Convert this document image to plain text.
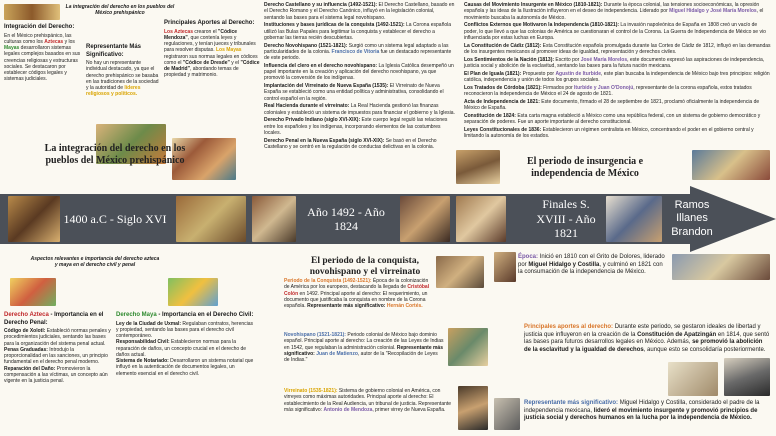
La integración del derecho en los pueblos del México prehispánico
Integración del Derecho:
En el México prehispánico, las culturas como los Aztecas y los Mayas desarrollaron sistemas legales complejos basados en sus creencias religiosas y estructuras sociales. Se destacaron por establecer códigos legales y sistemas judiciales.
Representante Más Significativo:
No hay un representante individual destacado, ya que el derecho prehispánico se basaba en las tradiciones de la sociedad y la autoridad de líderes religiosos y políticos.
Principales Aportes al Derecho:
Los Aztecas crearon el "Códice Mendoza", que contenía leyes y regulaciones, y tenían jueces y tribunales para resolver disputas. Los Mayas registraron sus normas legales en códices como el "Códice de Dresde" y el "Códice de Madrid", abordando temas de propiedad y matrimonio.
La integración del derecho en los pueblos del México prehispánico

Derecho Castellano y su influencia (1492-1521): El Derecho Castellano, basado en el Derecho Romano y el Derecho Canónico, influyó en la legislación colonial, sentando las bases para el sistema legal novohispano.

Instituciones y bases jurídicas de la conquista (1492-1521): La Corona española utilizó las Bulas Papales para legitimar la conquista y establecer el derecho a gobernar las tierras recién descubiertas.

Derecho Novohispano (1521-1821): Surgió como un sistema legal adaptado a las particularidades de la colonia. Francisco de Vitoria fue un destacado representante de este periodo.

Influencia del clero en el derecho novohispano: La Iglesia Católica desempeñó un papel importante en la creación y aplicación del derecho novohispano, ya que promovió la conversión de los indígenas.

Implantación del Virreinato de Nueva España (1535): El Virreinato de Nueva España se estableció como una entidad política y administrativa, consolidando el control español en la región.

Real Hacienda durante el virreinato: La Real Hacienda gestionó las finanzas coloniales y estableció un sistema de impuestos para financiar el gobierno y la Iglesia.

Derecho Privado Indiano (siglo XVI-XIX): Este cuerpo legal reguló las relaciones entre los españoles y los indígenas, incorporando elementos de las costumbres locales.

Derecho Penal en la Nueva España (siglo XVI-XIX): Se basó en el Derecho Castellano y se centró en la regulación de conductas delictivas en la colonia.

Causas del Movimiento Insurgente en México (1810-1821): Durante la época colonial, las tensiones socioeconómicas, la opresión española y las ideas de la Ilustración influyeron en el deseo de independencia. Liderado por Miguel Hidalgo y José María Morelos, el movimiento buscaba la autonomía de México.

Conflictos Externos que Motivaron la Independencia (1810-1821): La invasión napoleónica de España en 1808 creó un vacío de poder, lo que llevó a que las colonias de América se cuestionaran el control de la Corona. La Guerra de Independencia de México se vio influenciada por estas luchas en Europa.

La Constitución de Cádiz (1812): Esta Constitución española promulgada durante las Cortes de Cádiz de 1812, influyó en las demandas de los insurgentes mexicanos al promover ideas de igualdad, representación y derechos civiles.

Los Sentimientos de la Nación (1813): Escrito por José María Morelos, este documento expresó las aspiraciones de independencia, justicia social y abolición de la esclavitud, sentando las bases para la futura nación mexicana.

El Plan de Iguala (1821): Propuesto por Agustín de Iturbide, este plan buscaba la independencia de México bajo tres principios: religión católica, independencia y unión de todos los grupos sociales.

Los Tratados de Córdoba (1821): Firmados por Iturbide y Juan O'Donojú, representante de la corona española, estos tratados reconocieron la independencia de México el 24 de agosto de 1821.

Acta de Independencia de 1821: Este documento, firmado el 28 de septiembre de 1821, proclamó oficialmente la independencia de México de España.

Constitución de 1824: Esta carta magna estableció a México como una república federal, con un sistema de gobierno democrático y separación de poderes. Fue un aporte importante al derecho constitucional.

Leyes Constitucionales de 1836: Establecieron un régimen centralista en México, concentrando el poder en el gobierno central y limitando la autonomía de los estados.

El periodo de insurgencia e independencia de México
1400 a.C - Siglo XVI
Año 1492 - Año 1824
Finales S. XVIII - Año 1821
Ramos Illanes Brandon
Aspectos relevantes e importancia del derecho azteca y maya en el derecho civil y penal
Derecho Azteca - Importancia en el Derecho Penal:
Código de Xolotl: Estableció normas penales y procedimientos judiciales, sentando las bases para la organización del sistema penal actual.
Penas Graduadas: Introdujo la proporcionalidad en las sanciones, un principio fundamental en el derecho penal moderno.
Reparación del Daño: Promovieron la compensación a las víctimas, un concepto aún vigente en la justicia penal.
Derecho Maya - Importancia en el Derecho Civil:
Ley de la Ciudad de Uxmal: Regulaban contratos, herencias y propiedad, sentando las bases para el derecho civil contemporáneo.
Responsabilidad Civil: Establecieron normas para la reparación de daños, un concepto crucial en el derecho de daños actual.
Sistema de Notariado: Desarrollaron un sistema notarial que influyó en la autenticación de documentos legales, un elemento esencial en el derecho civil.
El periodo de la conquista, novohispano y el virreinato
Periodo de la Conquista (1492-1521): Época de la colonización de América por los europeos, destacando la llegada de Cristóbal Colón en 1492. Principal aporte al derecho: El requerimiento, un documento que justificaba la conquista en nombre de la Corona española. Representante más significativo: Hernán Cortés.
Novohispano (1521-1821): Periodo colonial de México bajo dominio español. Principal aporte al derecho: La creación de las Leyes de Indias en 1542, que regulaban la administración colonial. Representante más significativo: Juan de Matienzo, autor de la "Recopilación de Leyes de Indias."
Virreinato (1535-1821): Sistema de gobierno colonial en América, con virreyes como máximas autoridades. Principal aporte al derecho: El establecimiento de la Real Audiencia, un tribunal de justicia. Representante más significativo: Antonio de Mendoza, primer virrey de Nueva España.
Época: Inició en 1810 con el Grito de Dolores, liderado por Miguel Hidalgo y Costilla, y culminó en 1821 con la consumación de la independencia de México.
Principales aportes al derecho: Durante este periodo, se gestaron ideales de libertad y justicia que influyeron en la creación de la Constitución de Apatzingán en 1814, que sentó las bases para futuros desarrollos legales en México. Además, se promovió la abolición de la esclavitud y la igualdad de derechos, aunque esto se consolidaría posteriormente.
Representante más significativo: Miguel Hidalgo y Costilla, considerado el padre de la independencia mexicana, lideró el movimiento insurgente y promovió principios de justicia social y derechos humanos en la lucha por la independencia de México.
